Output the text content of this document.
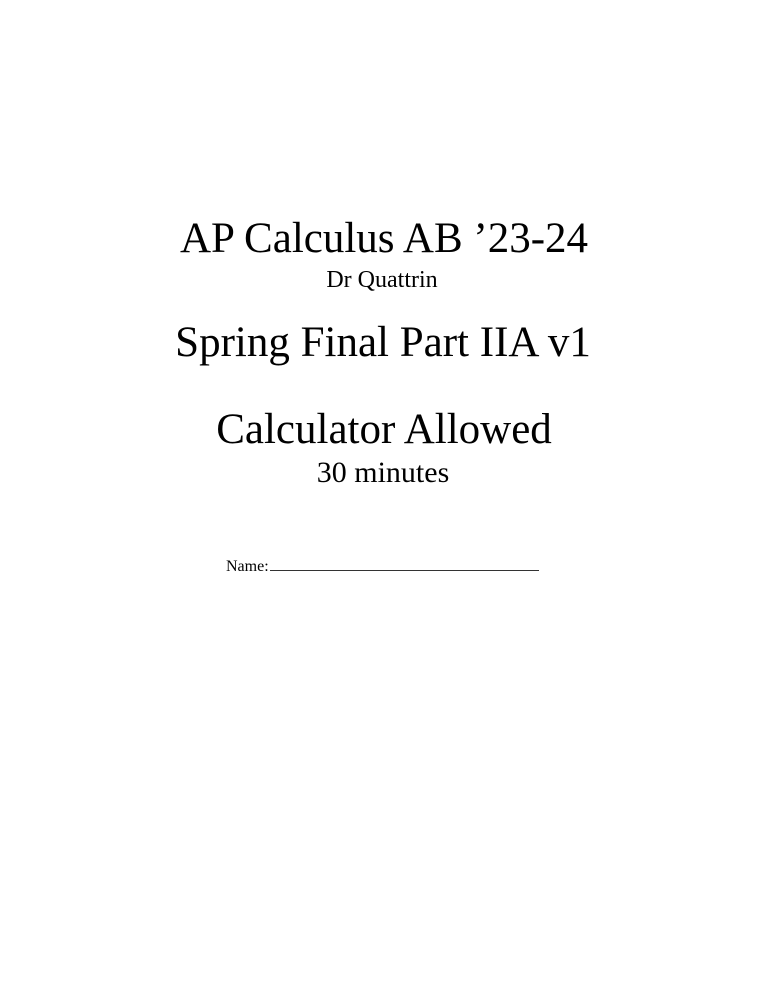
AP Calculus AB ’23-24
Dr Quattrin
Spring Final Part IIA v1
Calculator Allowed
30 minutes
Name:
